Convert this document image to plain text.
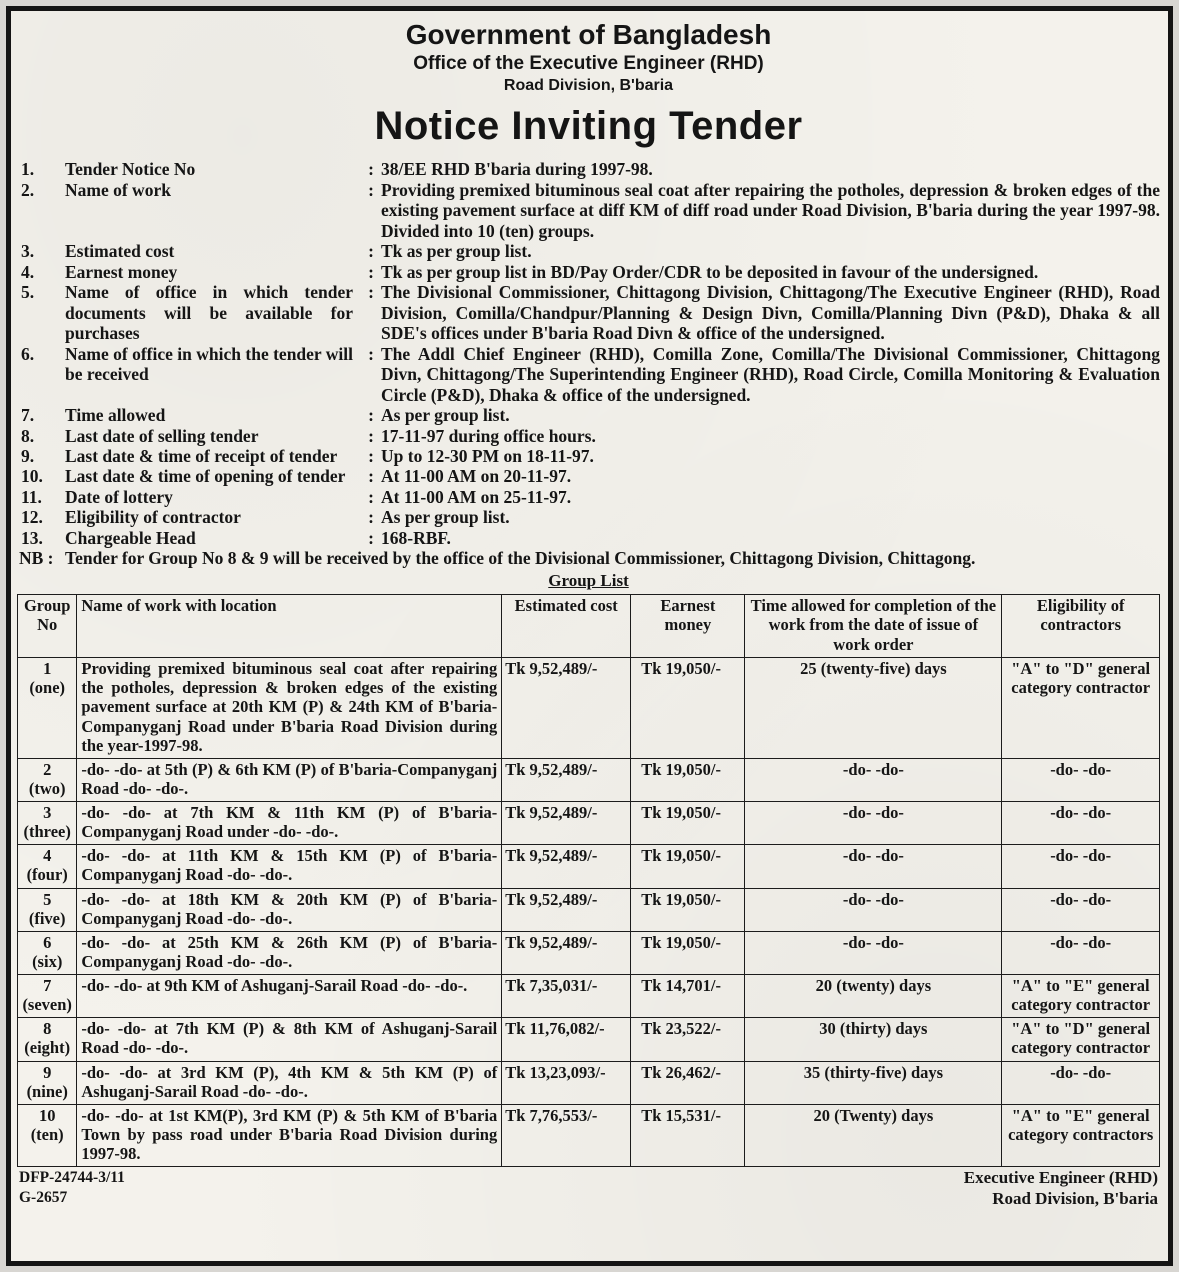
Government of Bangladesh
Office of the Executive Engineer (RHD)
Road Division, B'baria
Notice Inviting Tender
1.	Tender Notice No	: 38/EE RHD B'baria during 1997-98.
2.	Name of work	: Providing premixed bituminous seal coat after repairing the potholes, depression & broken edges of the existing pavement surface at diff KM of diff road under Road Division, B'baria during the year 1997-98. Divided into 10 (ten) groups.
3.	Estimated cost	: Tk as per group list.
4.	Earnest money	: Tk as per group list in BD/Pay Order/CDR to be deposited in favour of the undersigned.
5.	Name of office in which tender documents will be available for purchases
: The Divisional Commissioner, Chittagong Division, Chittagong/The Executive Engineer (RHD), Road Division, Comilla/Chandpur/Planning & Design Divn, Comilla/Planning Divn (P&D), Dhaka & all SDE's offices under B'baria Road Divn & office of the undersigned.
6.	Name of office in which the tender will be received
: The Addl Chief Engineer (RHD), Comilla Zone, Comilla/The Divisional Commissioner, Chittagong Divn, Chittagong/The Superintending Engineer (RHD), Road Circle, Comilla Monitoring & Evaluation Circle (P&D), Dhaka & office of the undersigned.
7.	Time allowed	: As per group list.
8.	Last date of selling tender	: 17-11-97 during office hours.
9.	Last date & time of receipt of tender	: Up to 12-30 PM on 18-11-97.
10.	Last date & time of opening of tender	: At 11-00 AM on 20-11-97.
11.	Date of lottery	: At 11-00 AM on 25-11-97.
12.	Eligibility of contractor	: As per group list.
13.	Chargeable Head	: 168-RBF.
NB : Tender for Group No 8 & 9 will be received by the office of the Divisional Commissioner, Chittagong Division, Chittagong.
Group List
Group No	Name of work with location	Estimated cost	Earnest money	Time allowed for completion of the work from the date of issue of work order	Eligibility of contractors

1
(one)	Providing premixed bituminous seal coat after repairing the potholes, depression & broken edges of the existing pavement surface at 20th KM (P) & 24th KM of B'baria-Companyganj Road under B'baria Road Division during the year-1997-98.	Tk 9,52,489/-	Tk 19,050/-	25 (twenty-five) days	"A" to "D" general category contractor

2
(two)	-do- -do- at 5th (P) & 6th KM (P) of B'baria-Companyganj Road -do- -do-.	Tk 9,52,489/-	Tk 19,050/-	-do- -do-	-do- -do-

3
(three)	-do- -do- at 7th KM & 11th KM (P) of B'baria-Companyganj Road under -do- -do-.	Tk 9,52,489/-	Tk 19,050/-	-do- -do-	-do- -do-

4
(four)	-do- -do- at 11th KM & 15th KM (P) of B'baria-Companyganj Road -do- -do-.	Tk 9,52,489/-	Tk 19,050/-	-do- -do-	-do- -do-

5
(five)	-do- -do- at 18th KM & 20th KM (P) of B'baria-Companyganj Road -do- -do-.	Tk 9,52,489/-	Tk 19,050/-	-do- -do-	-do- -do-

6
(six)	-do- -do- at 25th KM & 26th KM (P) of B'baria-Companyganj Road -do- -do-.	Tk 9,52,489/-	Tk 19,050/-	-do- -do-	-do- -do-

7
(seven)	-do- -do- at 9th KM of Ashuganj-Sarail Road -do- -do-.	Tk 7,35,031/-	Tk 14,701/-	20 (twenty) days	"A" to "E" general category contractor

8
(eight)	-do- -do- at 7th KM (P) & 8th KM of Ashuganj-Sarail Road -do- -do-.	Tk 11,76,082/-	Tk 23,522/-	30 (thirty) days	"A" to "D" general category contractor

9
(nine)	-do- -do- at 3rd KM (P), 4th KM & 5th KM (P) of Ashuganj-Sarail Road -do- -do-.	Tk 13,23,093/-	Tk 26,462/-	35 (thirty-five) days	-do- -do-

10
(ten)	-do- -do- at 1st KM(P), 3rd KM (P) & 5th KM of B'baria Town by pass road under B'baria Road Division during 1997-98.	Tk 7,76,553/-	Tk 15,531/-	20 (Twenty) days	"A" to "E" general category contractors
DFP-24744-3/11
G-2657
Executive Engineer (RHD)
Road Division, B'baria
